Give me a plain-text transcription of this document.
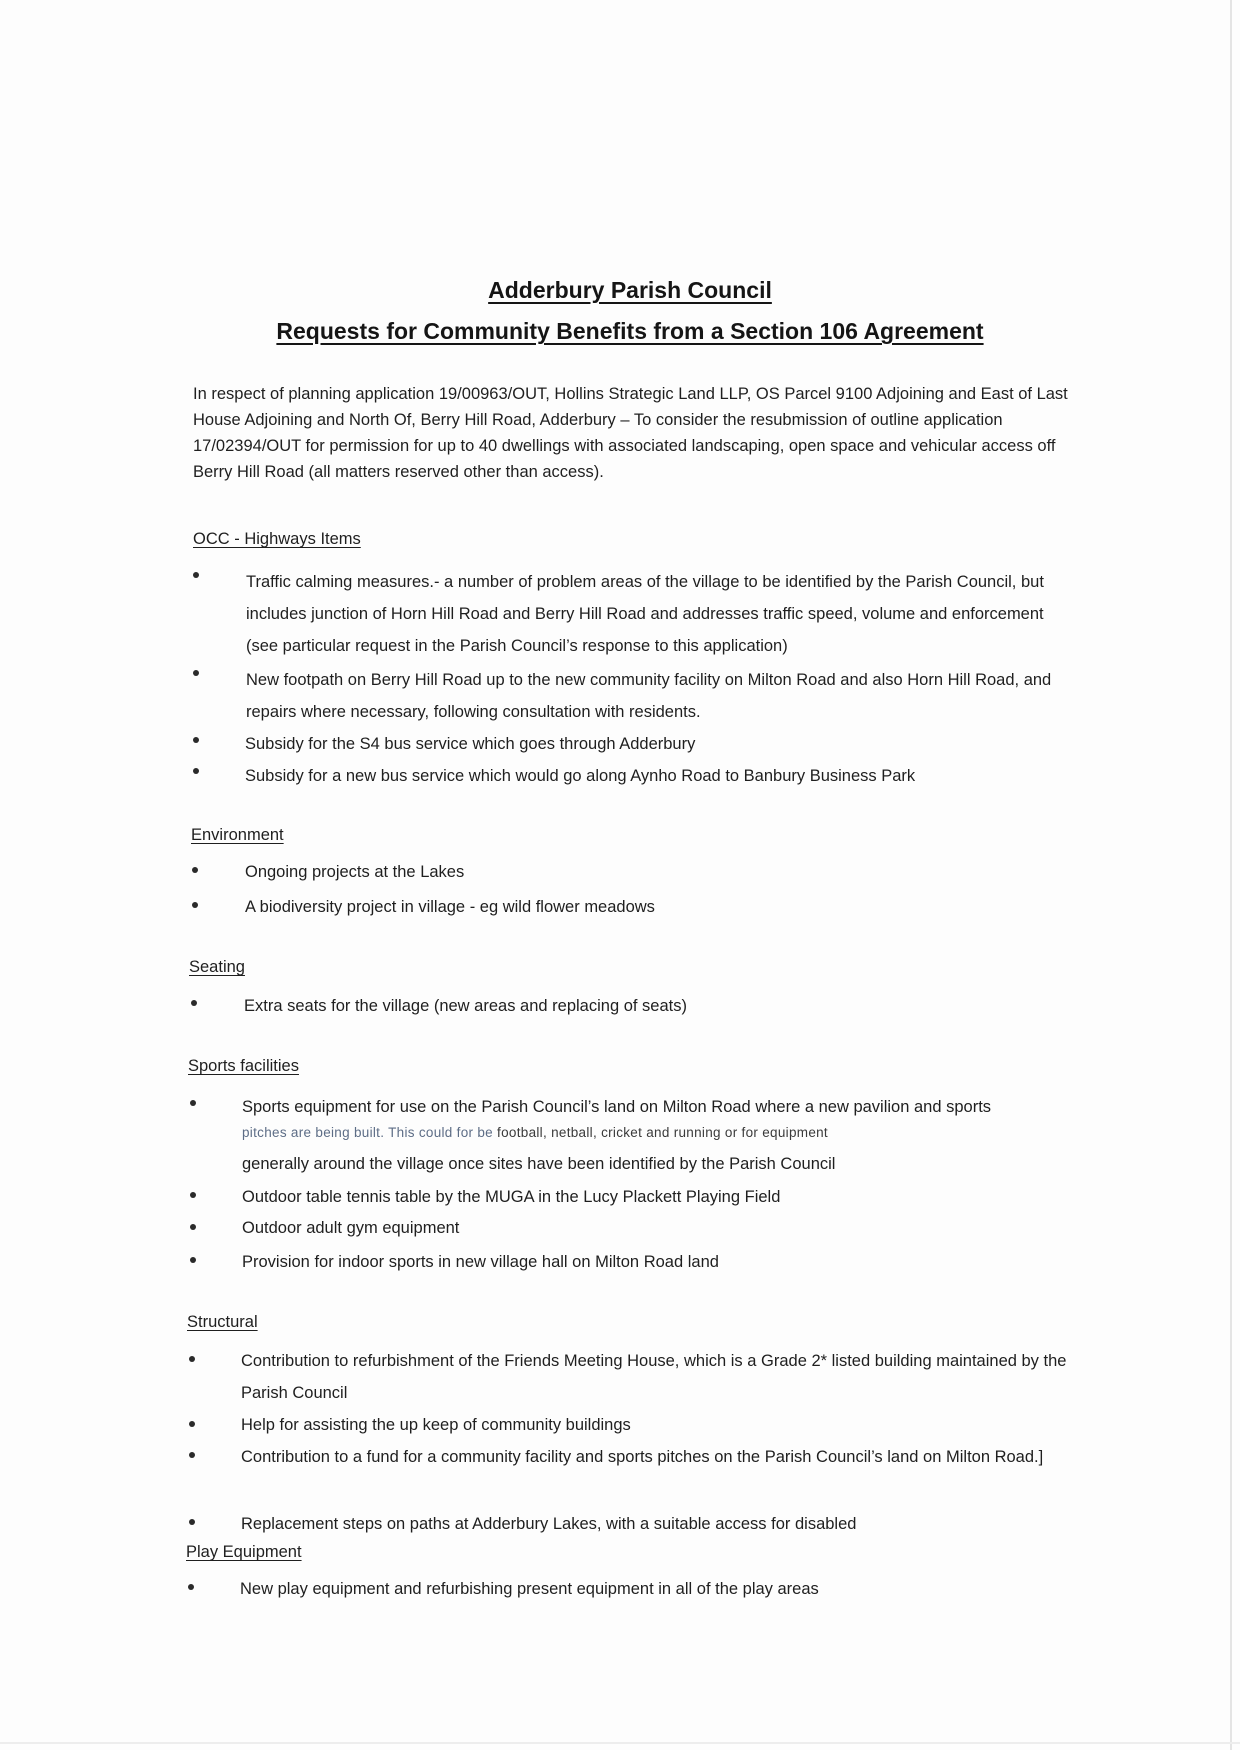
Adderbury Parish Council
Requests for Community Benefits from a Section 106 Agreement
In respect of planning application 19/00963/OUT, Hollins Strategic Land LLP, OS Parcel 9100 Adjoining and East of Last House Adjoining and North Of, Berry Hill Road, Adderbury – To consider the resubmission of outline application 17/02394/OUT for permission for up to 40 dwellings with associated landscaping, open space and vehicular access off Berry Hill Road (all matters reserved other than access).
OCC - Highways Items
Traffic calming measures.- a number of problem areas of the village to be identified by the Parish Council, but includes junction of Horn Hill Road and Berry Hill Road and addresses traffic speed, volume and enforcement (see particular request in the Parish Council’s response to this application)
New footpath on Berry Hill Road up to the new community facility on Milton Road and also Horn Hill Road, and repairs where necessary, following consultation with residents.
Subsidy for the S4 bus service which goes through Adderbury
Subsidy for a new bus service which would go along Aynho Road to Banbury Business Park
Environment
Ongoing projects at the Lakes
A biodiversity project in village - eg wild flower meadows
Seating
Extra seats for the village (new areas and replacing of seats)
Sports facilities
Sports equipment for use on the Parish Council’s land on Milton Road where a new pavilion and sports
pitches are being built. This could for be football, netball, cricket and running or for equipment
generally around the village once sites have been identified by the Parish Council
Outdoor table tennis table by the MUGA in the Lucy Plackett Playing Field
Outdoor adult gym equipment
Provision for indoor sports in new village hall on Milton Road land
Structural
Contribution to refurbishment of the Friends Meeting House, which is a Grade 2* listed building maintained by the Parish Council
Help for assisting the up keep of community buildings
Contribution to a fund for a community facility and sports pitches on the Parish Council’s land on Milton Road.]
Replacement steps on paths at Adderbury Lakes, with a suitable access for disabled
Play Equipment
New play equipment and refurbishing present equipment in all of the play areas
